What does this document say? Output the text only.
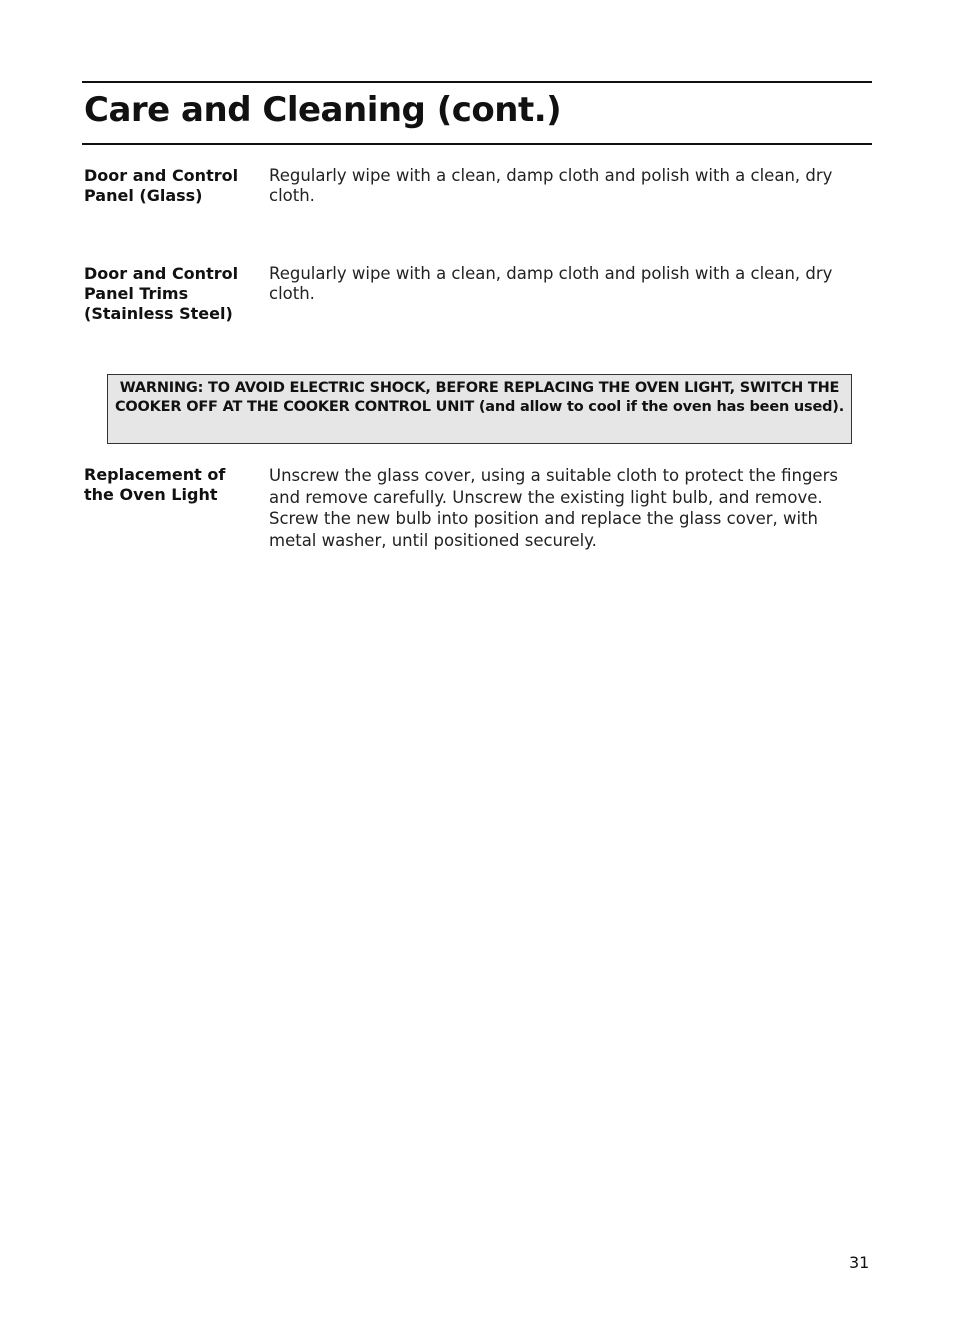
Care and Cleaning (cont.)
Door and Control Panel (Glass)
Regularly wipe with a clean, damp cloth and polish with a clean, dry cloth.
Door and Control Panel Trims (Stainless Steel)
Regularly wipe with a clean, damp cloth and polish with a clean, dry cloth.
WARNING: TO AVOID ELECTRIC SHOCK, BEFORE REPLACING THE OVEN LIGHT, SWITCH THE COOKER OFF AT THE COOKER CONTROL UNIT (and allow to cool if the oven has been used).
Replacement of the Oven Light
Unscrew the glass cover, using a suitable cloth to protect the fingers and remove carefully. Unscrew the existing light bulb, and remove. Screw the new bulb into position and replace the glass cover, with metal washer, until positioned securely.
31
